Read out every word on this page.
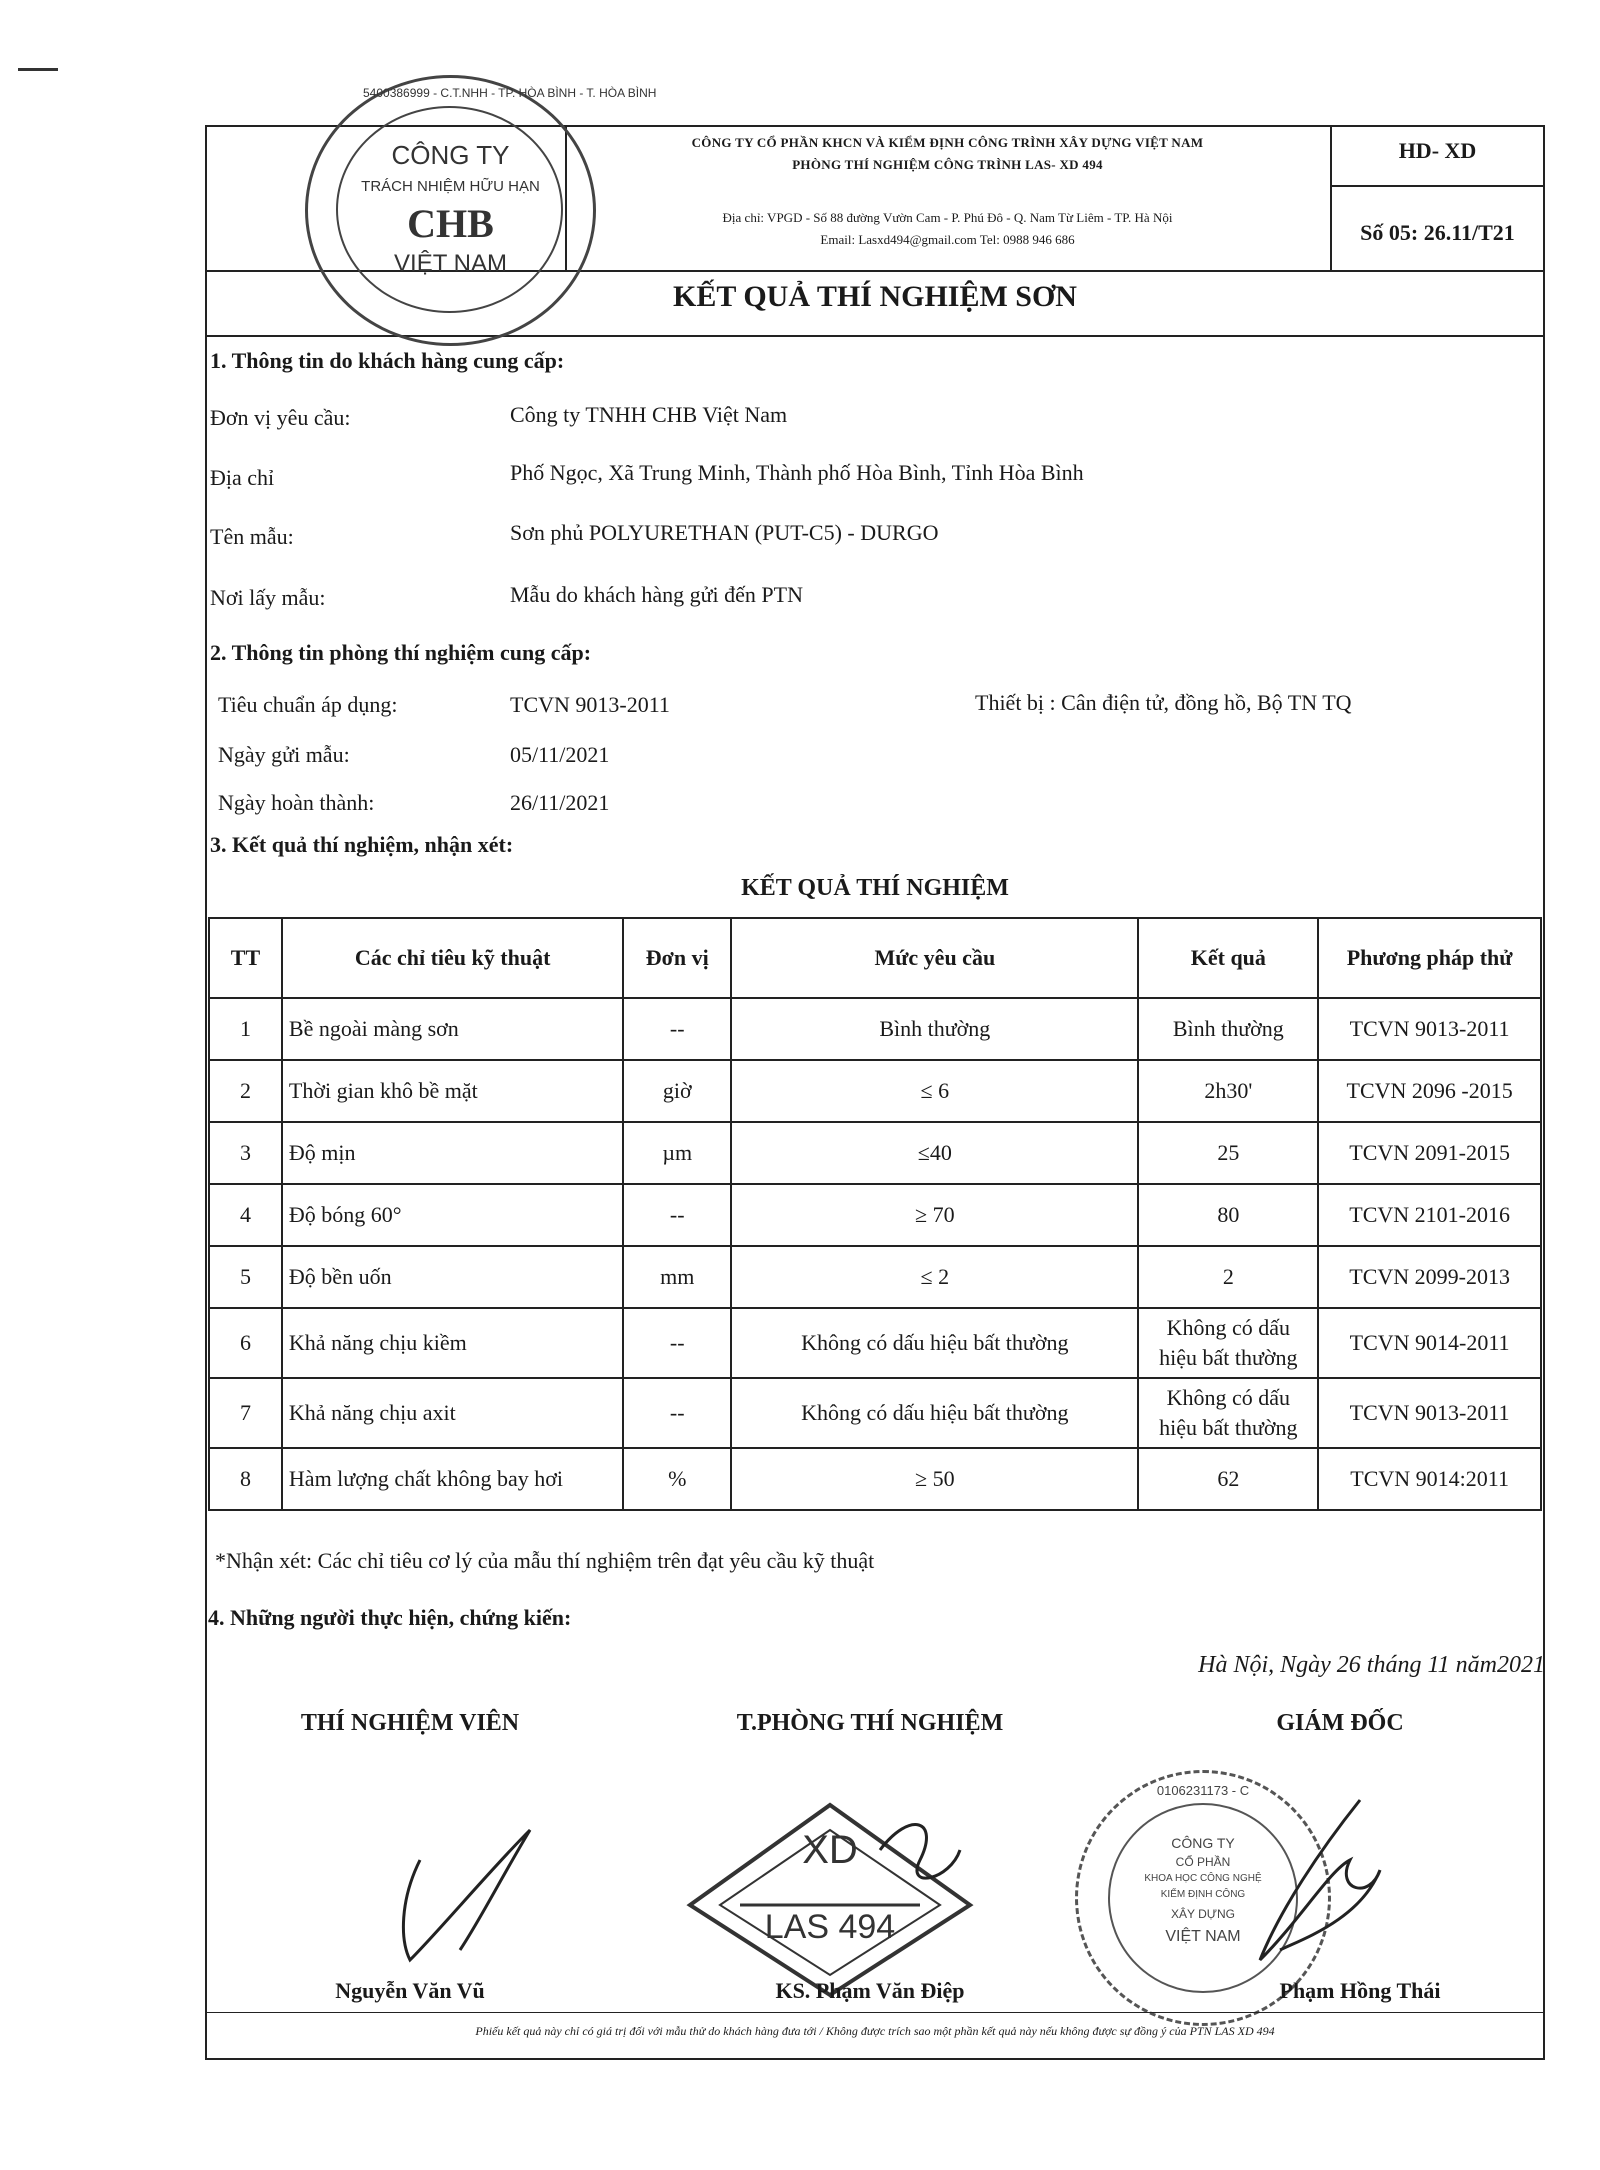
CÔNG TY CỔ PHẦN KHCN VÀ KIỂM ĐỊNH CÔNG TRÌNH XÂY DỰNG VIỆT NAM
PHÒNG THÍ NGHIỆM CÔNG TRÌNH LAS- XD 494
Địa chỉ: VPGD - Số 88 đường Vườn Cam - P. Phú Đô - Q. Nam Từ Liêm - TP. Hà Nội
Email: Lasxd494@gmail.com Tel: 0988 946 686
HD- XD
Số 05: 26.11/T21
KẾT QUẢ THÍ NGHIỆM SƠN
CÔNG TY
TRÁCH NHIỆM HỮU HẠN
CHB
VIỆT NAM
5400386999 - C.T.NHH - TP. HÒA BÌNH - T. HÒA BÌNH
1. Thông tin do khách hàng cung cấp:
Đơn vị yêu cầu:	Công ty TNHH CHB Việt Nam
Địa chỉ	Phố Ngọc, Xã Trung Minh, Thành phố Hòa Bình, Tỉnh Hòa Bình
Tên mẫu:	Sơn phủ POLYURETHAN (PUT-C5) - DURGO
Nơi lấy mẫu:	Mẫu do khách hàng gửi đến PTN
2. Thông tin phòng thí nghiệm cung cấp:
Tiêu chuẩn áp dụng:	TCVN 9013-2011	Thiết bị : Cân điện tử, đồng hồ, Bộ TN TQ
Ngày gửi mẫu:	05/11/2021
Ngày hoàn thành:	26/11/2021
3. Kết quả thí nghiệm, nhận xét:
KẾT QUẢ THÍ NGHIỆM
TT	Các chỉ tiêu kỹ thuật	Đơn vị	Mức yêu cầu	Kết quả	Phương pháp thử
1	Bề ngoài màng sơn	--	Bình thường	Bình thường	TCVN 9013-2011
2	Thời gian khô bề mặt	giờ	≤ 6	2h30'	TCVN 2096 -2015
3	Độ mịn	µm	≤40	25	TCVN 2091-2015
4	Độ bóng 60°	--	≥ 70	80	TCVN 2101-2016
5	Độ bền uốn	mm	≤ 2	2	TCVN 2099-2013
6	Khả năng chịu kiềm	--	Không có dấu hiệu bất thường	Không có dấu hiệu bất thường	TCVN 9014-2011
7	Khả năng chịu axit	--	Không có dấu hiệu bất thường	Không có dấu hiệu bất thường	TCVN 9013-2011
8	Hàm lượng chất không bay hơi	%	≥ 50	62	TCVN 9014:2011
*Nhận xét: Các chỉ tiêu cơ lý của mẫu thí nghiệm trên đạt yêu cầu kỹ thuật
4. Những người thực hiện, chứng kiến:
Hà Nội, Ngày 26 tháng 11 năm2021
THÍ NGHIỆM VIÊN	T.PHÒNG THÍ NGHIỆM	GIÁM ĐỐC
XD
LAS 494
0106231173 - C
CÔNG TY
CỔ PHẦN
KHOA HỌC CÔNG NGHỆ
KIỂM ĐỊNH CÔNG
XÂY DỰNG
VIỆT NAM
Nguyễn Văn Vũ	KS. Phạm Văn Điệp	Phạm Hồng Thái
Phiếu kết quả này chỉ có giá trị đối với mẫu thử do khách hàng đưa tới / Không được trích sao một phần kết quả này nếu không được sự đồng ý của PTN LAS XD 494
